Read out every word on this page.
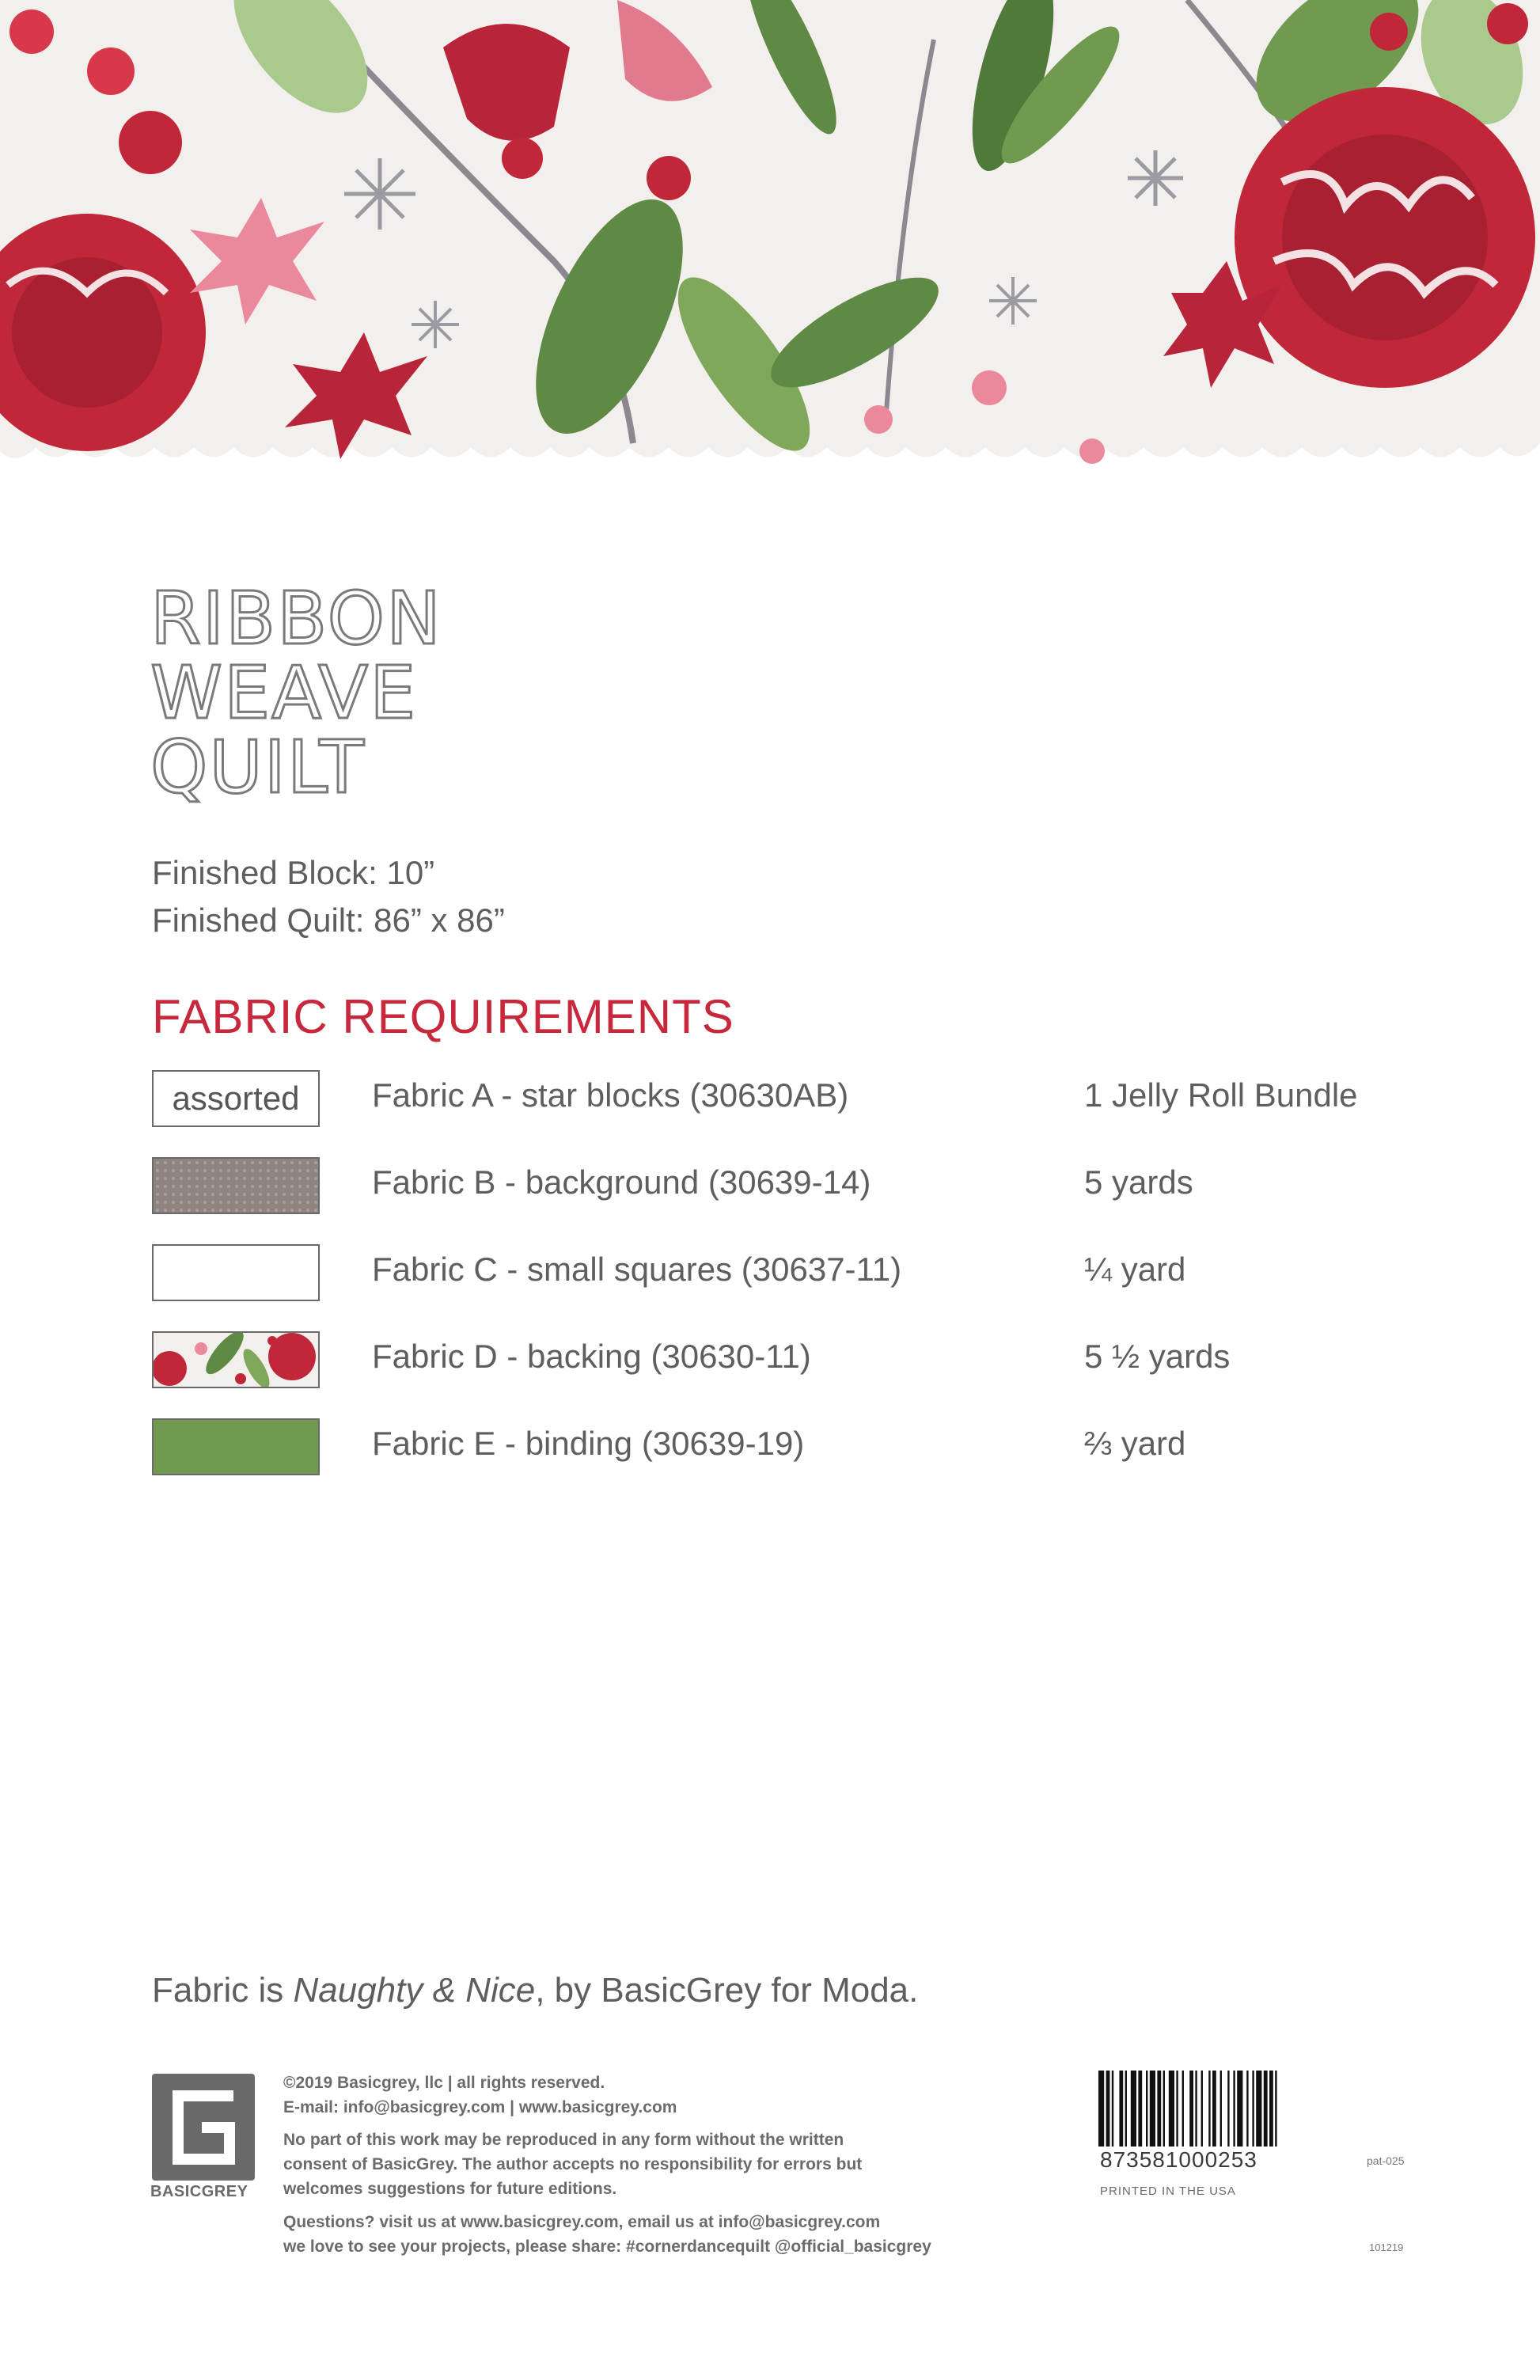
RIBBON
WEAVE
QUILT
Finished Block: 10”
Finished Quilt: 86” x 86”
FABRIC REQUIREMENTS
assorted	Fabric A - star blocks (30630AB)	1 Jelly Roll Bundle
Fabric B - background (30639-14)	5 yards
Fabric C - small squares (30637-11)	¼ yard
Fabric D - backing (30630-11)	5 ½ yards
Fabric E - binding (30639-19)	⅔ yard
Fabric is Naughty & Nice, by BasicGrey for Moda.
BASICGREY
©2019 Basicgrey, llc | all rights reserved.
E-mail: info@basicgrey.com | www.basicgrey.com
No part of this work may be reproduced in any form without the written
consent of BasicGrey. The author accepts no responsibility for errors but
welcomes suggestions for future editions.
Questions? visit us at www.basicgrey.com, email us at info@basicgrey.com
we love to see your projects, please share: #cornerdancequilt @official_basicgrey
873581000253	pat-025
PRINTED IN THE USA
101219
